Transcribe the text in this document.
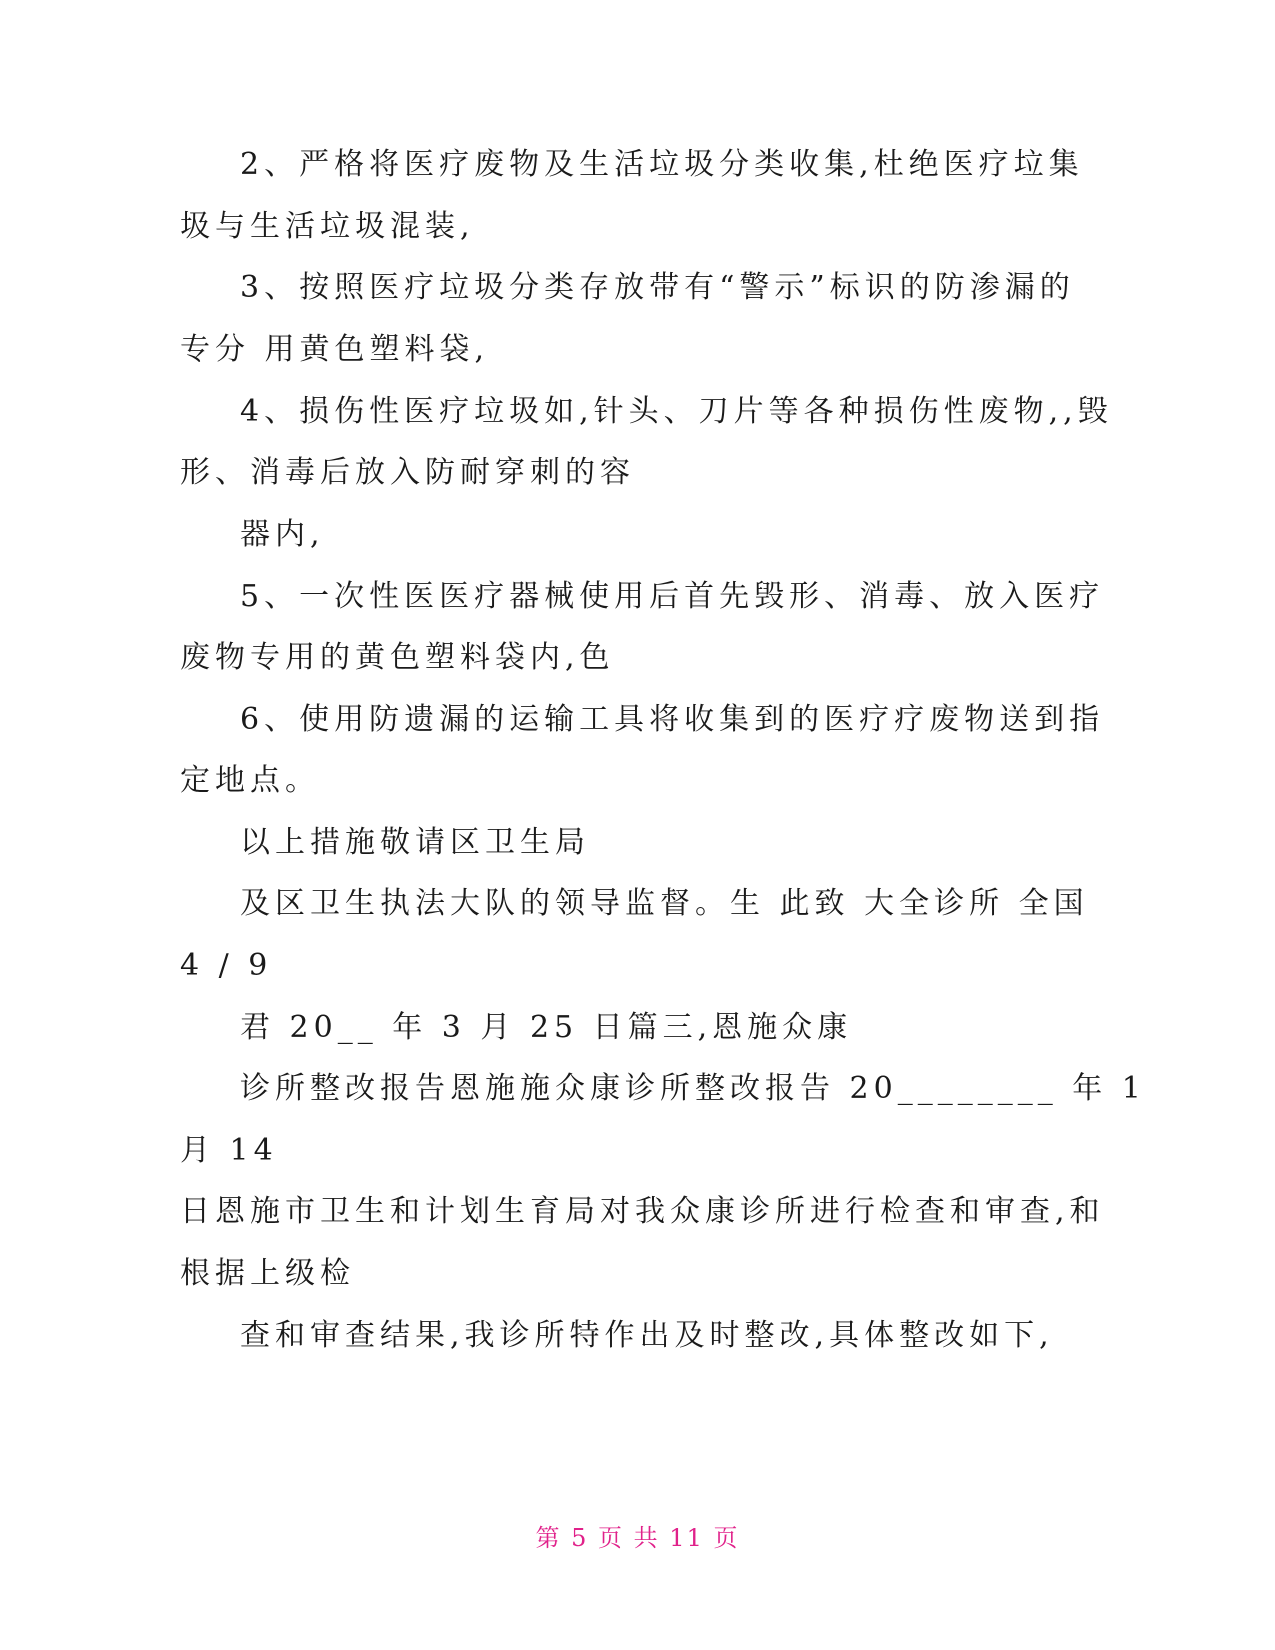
2、严格将医疗废物及生活垃圾分类收集,杜绝医疗垃集
圾与生活垃圾混装,
3、按照医疗垃圾分类存放带有“警示”标识的防渗漏的
专分 用黄色塑料袋,
4、损伤性医疗垃圾如,针头、刀片等各种损伤性废物,,毁
形、消毒后放入防耐穿刺的容
器内,
5、一次性医医疗器械使用后首先毁形、消毒、放入医疗
废物专用的黄色塑料袋内,色
6、使用防遗漏的运输工具将收集到的医疗疗废物送到指
定地点。
以上措施敬请区卫生局
及区卫生执法大队的领导监督。生 此致 大全诊所 全国
4 / 9
君 20__ 年 3 月 25 日篇三,恩施众康
诊所整改报告恩施施众康诊所整改报告 20________ 年 1
月 14
日恩施市卫生和计划生育局对我众康诊所进行检查和审查,和
根据上级检
查和审查结果,我诊所特作出及时整改,具体整改如下,
第 5 页 共 11 页
